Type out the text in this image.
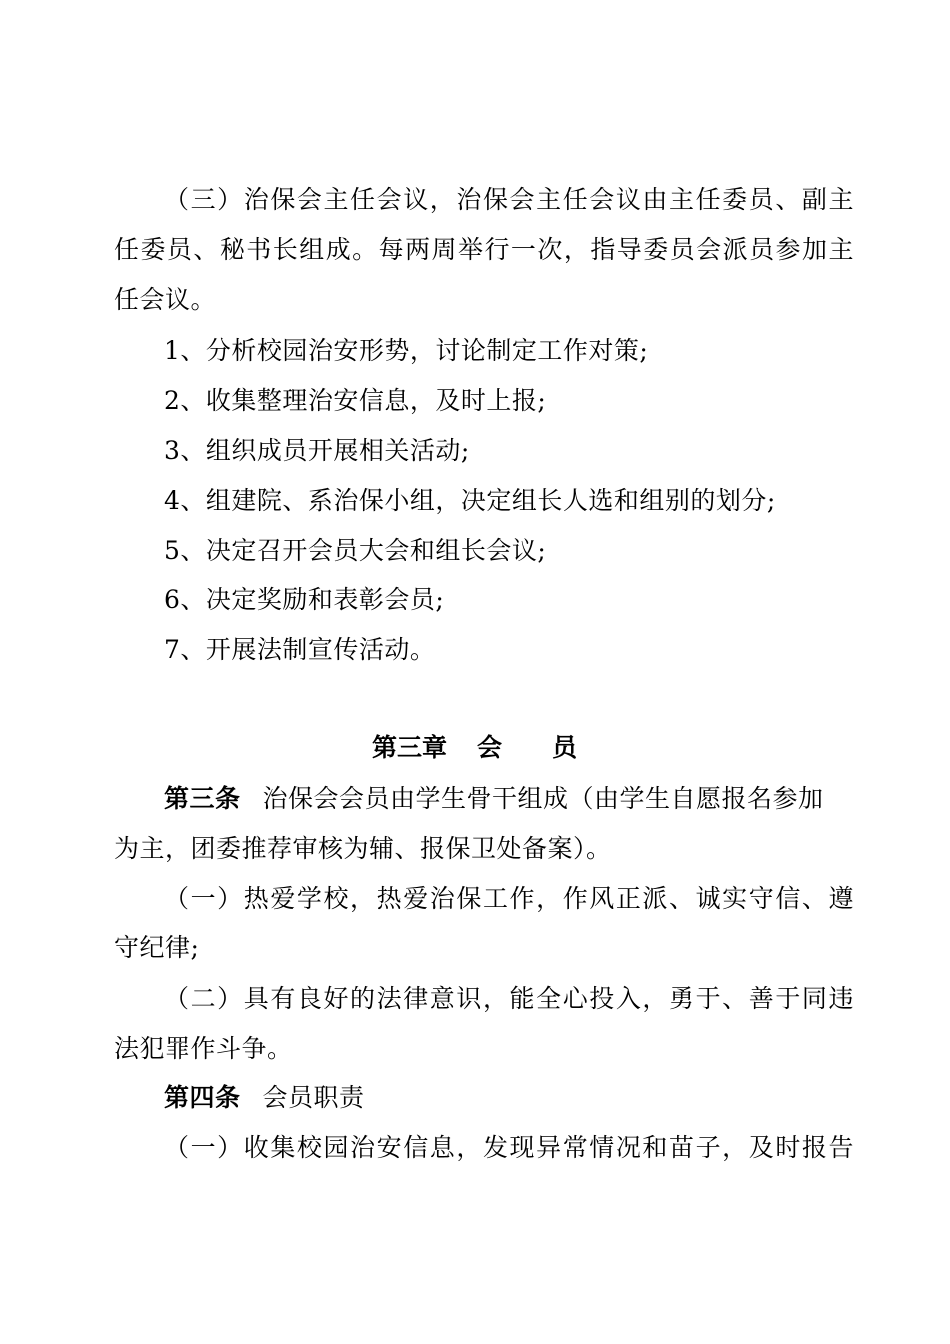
（三）治保会主任会议，治保会主任会议由主任委员、副主
任委员、秘书长组成。每两周举行一次，指导委员会派员参加主
任会议。
1、分析校园治安形势，讨论制定工作对策;
2、收集整理治安信息，及时上报;
3、组织成员开展相关活动;
4、组建院、系治保小组，决定组长人选和组别的划分;
5、决定召开会员大会和组长会议;
6、决定奖励和表彰会员;
7、开展法制宣传活动。
第三章 会 员
第三条 治保会会员由学生骨干组成（由学生自愿报名参加
为主，团委推荐审核为辅、报保卫处备案）。
（一）热爱学校，热爱治保工作，作风正派、诚实守信、遵
守纪律;
（二）具有良好的法律意识，能全心投入，勇于、善于同违
法犯罪作斗争。
第四条 会员职责
（一）收集校园治安信息，发现异常情况和苗子，及时报告
